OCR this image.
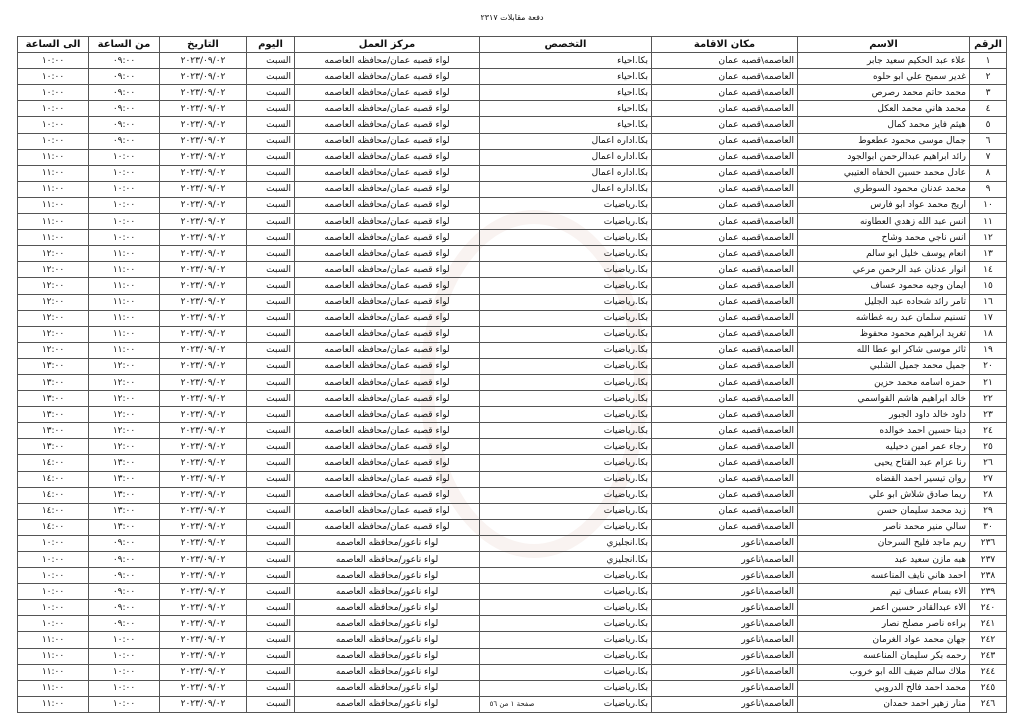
دفعة مقابلات ٢٣١٧
الرقم	الاسم	مكان الاقامة	التخصص	مركز العمل	اليوم	التاريخ	من الساعة	الى الساعة
١	علاء عبد الحكيم سعيد جابر	العاصمه\قصبه عمان	بكا.احياء	لواء قصبه عمان/محافظه العاصمه	السبت	٢٠٢٣/٠٩/٠٢	٠٩:٠٠	١٠:٠٠
٢	غدير سميح علي ابو حلوه	العاصمه\قصبه عمان	بكا.احياء	لواء قصبه عمان/محافظه العاصمه	السبت	٢٠٢٣/٠٩/٠٢	٠٩:٠٠	١٠:٠٠
٣	محمد حاتم محمد رصرص	العاصمه\قصبه عمان	بكا.احياء	لواء قصبه عمان/محافظه العاصمه	السبت	٢٠٢٣/٠٩/٠٢	٠٩:٠٠	١٠:٠٠
٤	محمد هاني محمد العكل	العاصمه\قصبه عمان	بكا.احياء	لواء قصبه عمان/محافظه العاصمه	السبت	٢٠٢٣/٠٩/٠٢	٠٩:٠٠	١٠:٠٠
٥	هيثم فايز محمد كمال	العاصمه\قصبه عمان	بكا.احياء	لواء قصبه عمان/محافظه العاصمه	السبت	٢٠٢٣/٠٩/٠٢	٠٩:٠٠	١٠:٠٠
٦	جمال موسى محمود عطعوط	العاصمه\قصبه عمان	بكا.اداره اعمال	لواء قصبه عمان/محافظه العاصمه	السبت	٢٠٢٣/٠٩/٠٢	٠٩:٠٠	١٠:٠٠
٧	رائد ابراهيم عبدالرحمن ابوالجود	العاصمه\قصبه عمان	بكا.اداره اعمال	لواء قصبه عمان/محافظه العاصمه	السبت	٢٠٢٣/٠٩/٠٢	١٠:٠٠	١١:٠٠
٨	عادل محمد حسين الحفاه العتيبي	العاصمه\قصبه عمان	بكا.اداره اعمال	لواء قصبه عمان/محافظه العاصمه	السبت	٢٠٢٣/٠٩/٠٢	١٠:٠٠	١١:٠٠
٩	محمد عدنان محمود السوطري	العاصمه\قصبه عمان	بكا.اداره اعمال	لواء قصبه عمان/محافظه العاصمه	السبت	٢٠٢٣/٠٩/٠٢	١٠:٠٠	١١:٠٠
١٠	اريج محمد عواد ابو فارس	العاصمه\قصبه عمان	بكا.رياضيات	لواء قصبه عمان/محافظه العاصمه	السبت	٢٠٢٣/٠٩/٠٢	١٠:٠٠	١١:٠٠
١١	انس عبد الله زهدي العطاونه	العاصمه\قصبه عمان	بكا.رياضيات	لواء قصبه عمان/محافظه العاصمه	السبت	٢٠٢٣/٠٩/٠٢	١٠:٠٠	١١:٠٠
١٢	انس ناجي محمد وشاح	العاصمه\قصبه عمان	بكا.رياضيات	لواء قصبه عمان/محافظه العاصمه	السبت	٢٠٢٣/٠٩/٠٢	١٠:٠٠	١١:٠٠
١٣	انعام يوسف خليل ابو سالم	العاصمه\قصبه عمان	بكا.رياضيات	لواء قصبه عمان/محافظه العاصمه	السبت	٢٠٢٣/٠٩/٠٢	١١:٠٠	١٢:٠٠
١٤	انوار عدنان عبد الرحمن مرعي	العاصمه\قصبه عمان	بكا.رياضيات	لواء قصبه عمان/محافظه العاصمه	السبت	٢٠٢٣/٠٩/٠٢	١١:٠٠	١٢:٠٠
١٥	ايمان وجيه محمود عساف	العاصمه\قصبه عمان	بكا.رياضيات	لواء قصبه عمان/محافظه العاصمه	السبت	٢٠٢٣/٠٩/٠٢	١١:٠٠	١٢:٠٠
١٦	تامر رائد شحاده عبد الجليل	العاصمه\قصبه عمان	بكا.رياضيات	لواء قصبه عمان/محافظه العاصمه	السبت	٢٠٢٣/٠٩/٠٢	١١:٠٠	١٢:٠٠
١٧	تسنيم سلمان عبد ربه غطاشه	العاصمه\قصبه عمان	بكا.رياضيات	لواء قصبه عمان/محافظه العاصمه	السبت	٢٠٢٣/٠٩/٠٢	١١:٠٠	١٢:٠٠
١٨	تغريد ابراهيم محمود محفوظ	العاصمه\قصبه عمان	بكا.رياضيات	لواء قصبه عمان/محافظه العاصمه	السبت	٢٠٢٣/٠٩/٠٢	١١:٠٠	١٢:٠٠
١٩	ثائر موسى شاكر ابو عطا الله	العاصمه\قصبه عمان	بكا.رياضيات	لواء قصبه عمان/محافظه العاصمه	السبت	٢٠٢٣/٠٩/٠٢	١١:٠٠	١٢:٠٠
٢٠	جميل محمد جميل الشلبي	العاصمه\قصبه عمان	بكا.رياضيات	لواء قصبه عمان/محافظه العاصمه	السبت	٢٠٢٣/٠٩/٠٢	١٢:٠٠	١٣:٠٠
٢١	حمزه اسامه محمد حزين	العاصمه\قصبه عمان	بكا.رياضيات	لواء قصبه عمان/محافظه العاصمه	السبت	٢٠٢٣/٠٩/٠٢	١٢:٠٠	١٣:٠٠
٢٢	خالد ابراهيم هاشم القواسمي	العاصمه\قصبه عمان	بكا.رياضيات	لواء قصبه عمان/محافظه العاصمه	السبت	٢٠٢٣/٠٩/٠٢	١٢:٠٠	١٣:٠٠
٢٣	داود خالد داود الجبور	العاصمه\قصبه عمان	بكا.رياضيات	لواء قصبه عمان/محافظه العاصمه	السبت	٢٠٢٣/٠٩/٠٢	١٢:٠٠	١٣:٠٠
٢٤	دينا حسين احمد خوالده	العاصمه\قصبه عمان	بكا.رياضيات	لواء قصبه عمان/محافظه العاصمه	السبت	٢٠٢٣/٠٩/٠٢	١٢:٠٠	١٣:٠٠
٢٥	رجاء عمر امين دحيليه	العاصمه\قصبه عمان	بكا.رياضيات	لواء قصبه عمان/محافظه العاصمه	السبت	٢٠٢٣/٠٩/٠٢	١٢:٠٠	١٣:٠٠
٢٦	رنا عزام عبد الفتاح يحيى	العاصمه\قصبه عمان	بكا.رياضيات	لواء قصبه عمان/محافظه العاصمه	السبت	٢٠٢٣/٠٩/٠٢	١٣:٠٠	١٤:٠٠
٢٧	روان تيسير احمد القضاه	العاصمه\قصبه عمان	بكا.رياضيات	لواء قصبه عمان/محافظه العاصمه	السبت	٢٠٢٣/٠٩/٠٢	١٣:٠٠	١٤:٠٠
٢٨	ريما صادق شلاش ابو علي	العاصمه\قصبه عمان	بكا.رياضيات	لواء قصبه عمان/محافظه العاصمه	السبت	٢٠٢٣/٠٩/٠٢	١٣:٠٠	١٤:٠٠
٢٩	زيد محمد سليمان حسن	العاصمه\قصبه عمان	بكا.رياضيات	لواء قصبه عمان/محافظه العاصمه	السبت	٢٠٢٣/٠٩/٠٢	١٣:٠٠	١٤:٠٠
٣٠	سالي منير محمد ناصر	العاصمه\قصبه عمان	بكا.رياضيات	لواء قصبه عمان/محافظه العاصمه	السبت	٢٠٢٣/٠٩/٠٢	١٣:٠٠	١٤:٠٠
٢٣٦	ريم ماجد فليح السرحان	العاصمه\ناعور	بكا.انجليزي	لواء ناعور/محافظه العاصمه	السبت	٢٠٢٣/٠٩/٠٢	٠٩:٠٠	١٠:٠٠
٢٣٧	هبه مازن سعيد عبد	العاصمه\ناعور	بكا.انجليزي	لواء ناعور/محافظه العاصمه	السبت	٢٠٢٣/٠٩/٠٢	٠٩:٠٠	١٠:٠٠
٢٣٨	احمد هاني نايف المناعسه	العاصمه\ناعور	بكا.رياضيات	لواء ناعور/محافظه العاصمه	السبت	٢٠٢٣/٠٩/٠٢	٠٩:٠٠	١٠:٠٠
٢٣٩	الاء بسام عساف تيم	العاصمه\ناعور	بكا.رياضيات	لواء ناعور/محافظه العاصمه	السبت	٢٠٢٣/٠٩/٠٢	٠٩:٠٠	١٠:٠٠
٢٤٠	الاء عبدالقادر حسين اعمر	العاصمه\ناعور	بكا.رياضيات	لواء ناعور/محافظه العاصمه	السبت	٢٠٢٣/٠٩/٠٢	٠٩:٠٠	١٠:٠٠
٢٤١	براءه ناصر مصلح نصار	العاصمه\ناعور	بكا.رياضيات	لواء ناعور/محافظه العاصمه	السبت	٢٠٢٣/٠٩/٠٢	٠٩:٠٠	١٠:٠٠
٢٤٢	جهان محمد عواد الغرمان	العاصمه\ناعور	بكا.رياضيات	لواء ناعور/محافظه العاصمه	السبت	٢٠٢٣/٠٩/٠٢	١٠:٠٠	١١:٠٠
٢٤٣	رحمه بكر سليمان المناعسه	العاصمه\ناعور	بكا.رياضيات	لواء ناعور/محافظه العاصمه	السبت	٢٠٢٣/٠٩/٠٢	١٠:٠٠	١١:٠٠
٢٤٤	ملاك سالم ضيف الله ابو خروب	العاصمه\ناعور	بكا.رياضيات	لواء ناعور/محافظه العاصمه	السبت	٢٠٢٣/٠٩/٠٢	١٠:٠٠	١١:٠٠
٢٤٥	محمد احمد فالح الدروبي	العاصمه\ناعور	بكا.رياضيات	لواء ناعور/محافظه العاصمه	السبت	٢٠٢٣/٠٩/٠٢	١٠:٠٠	١١:٠٠
٢٤٦	منار زهير احمد حمدان	العاصمه\ناعور	بكا.رياضيات	لواء ناعور/محافظه العاصمه	السبت	٢٠٢٣/٠٩/٠٢	١٠:٠٠	١١:٠٠	صفحة ١ من ٥٦
